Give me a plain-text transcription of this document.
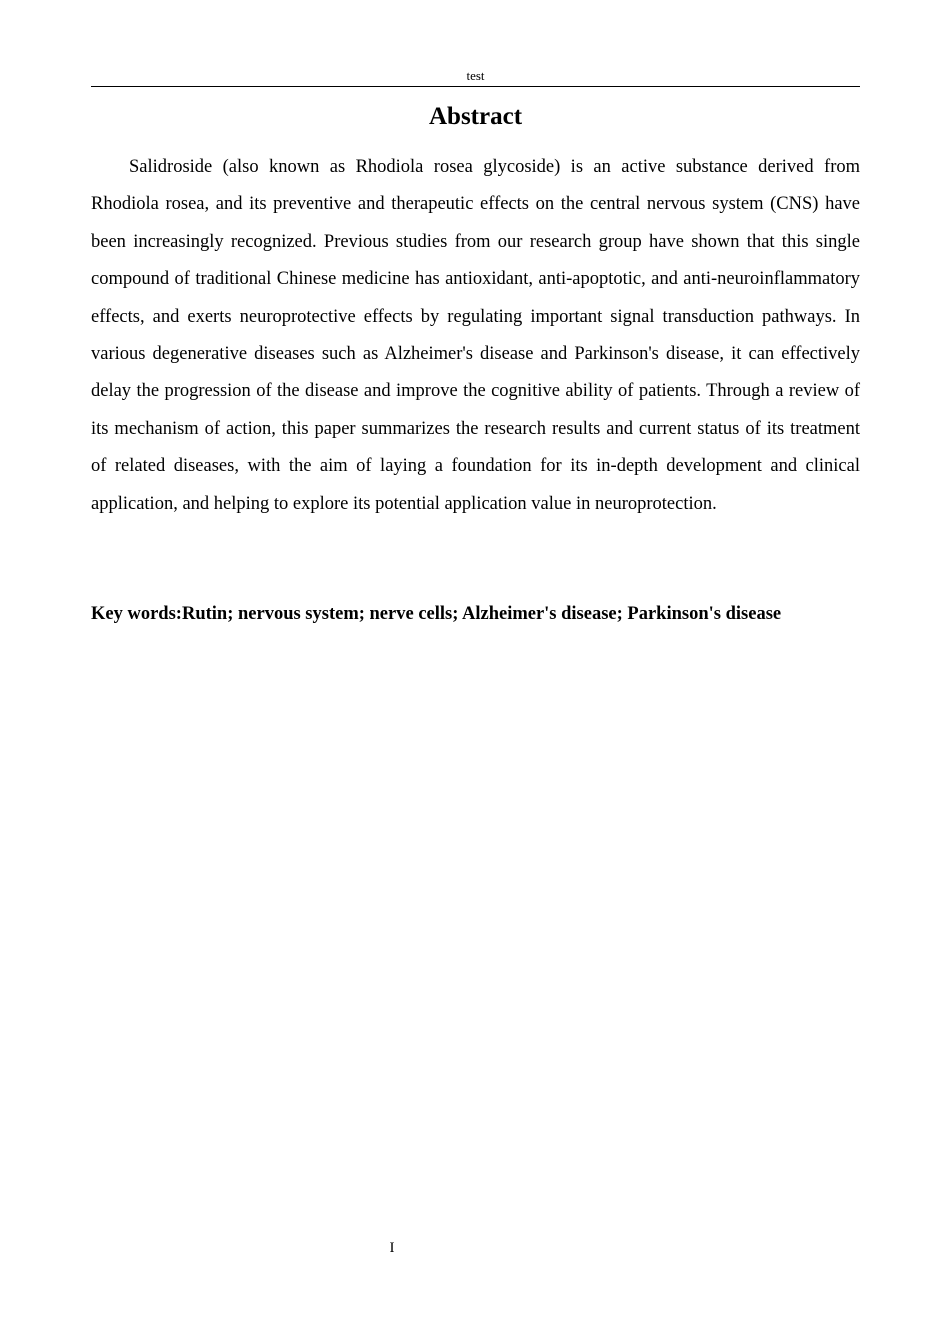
test
Abstract

Salidroside (also known as Rhodiola rosea glycoside) is an active substance derived from Rhodiola rosea, and its preventive and therapeutic effects on the central nervous system (CNS) have been increasingly recognized. Previous studies from our research group have shown that this single compound of traditional Chinese medicine has antioxidant, anti-apoptotic, and anti-neuroinflammatory effects, and exerts neuroprotective effects by regulating important signal transduction pathways. In various degenerative diseases such as Alzheimer's disease and Parkinson's disease, it can effectively delay the progression of the disease and improve the cognitive ability of patients. Through a review of its mechanism of action, this paper summarizes the research results and current status of its treatment of related diseases, with the aim of laying a foundation for its in-depth development and clinical application, and helping to explore its potential application value in neuroprotection.

Key words:Rutin; nervous system; nerve cells; Alzheimer's disease; Parkinson's disease

I
